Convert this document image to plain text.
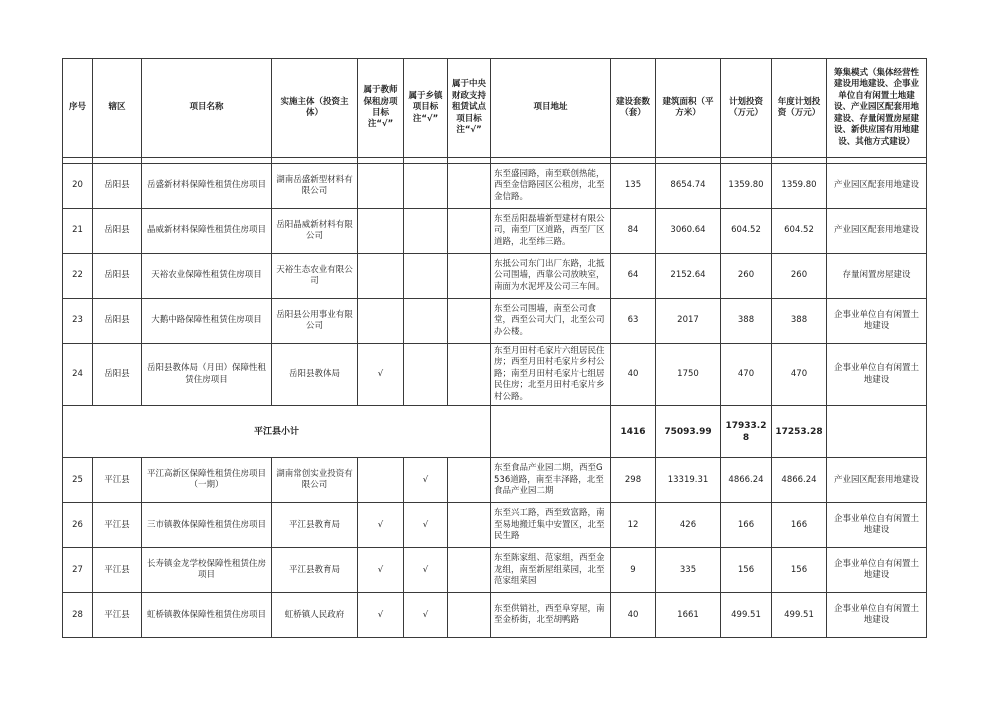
序号	辖区	项目名称	实施主体（投资主体）	属于教师保租房项目标注“√”	属于乡镇项目标注“√”	属于中央财政支持租赁试点项目标注“√”	项目地址	建设套数（套）	建筑面积（平方米）	计划投资（万元）	年度计划投资（万元）	筹集模式（集体经营性建设用地建设、企事业单位自有闲置土地建设、产业园区配套用地建设、存量闲置房屋建设、新供应国有用地建设、其他方式建设）

20	岳阳县	岳盛新材料保障性租赁住房项目	湖南岳盛新型材料有限公司				东至盛园路，南至联创热能，西至金信路园区公租房，北至金信路。	135	8654.74	1359.80	1359.80	产业园区配套用地建设
21	岳阳县	晶威新材料保障性租赁住房项目	岳阳晶威新材料有限公司				东至岳阳磊墙新型建材有限公司，南至厂区道路，西至厂区道路，北至纬三路。	84	3060.64	604.52	604.52	产业园区配套用地建设
22	岳阳县	天裕农业保障性租赁住房项目	天裕生态农业有限公司				东抵公司东门出厂东路，北抵公司围墙，西靠公司放映室，南面为水泥坪及公司三车间。	64	2152.64	260	260	存量闲置房屋建设
23	岳阳县	大鹅中路保障性租赁住房项目	岳阳县公用事业有限公司				东至公司围墙，南至公司食堂，西至公司大门，北至公司办公楼。	63	2017	388	388	企事业单位自有闲置土地建设
24	岳阳县	岳阳县教体局（月田）保障性租赁住房项目	岳阳县教体局	√			东至月田村毛家片六组居民住房；西至月田村毛家片乡村公路；南至月田村毛家片七组居民住房；北至月田村毛家片乡村公路。	40	1750	470	470	企事业单位自有闲置土地建设
平江县小计								1416	75093.99	17933.28	17253.28	
25	平江县	平江高新区保障性租赁住房项目（一期）	湖南常创实业投资有限公司		√		东至食品产业园二期，西至G536道路，南至丰泽路，北至食品产业园二期	298	13319.31	4866.24	4866.24	产业园区配套用地建设
26	平江县	三市镇教体保障性租赁住房项目	平江县教育局	√	√		东至兴工路，西至致富路，南至易地搬迁集中安置区，北至民生路	12	426	166	166	企事业单位自有闲置土地建设
27	平江县	长寿镇金龙学校保障性租赁住房项目	平江县教育局	√	√		东至陈家组、范家组，西至金龙组，南至新屋组菜园，北至范家组菜园	9	335	156	156	企事业单位自有闲置土地建设
28	平江县	虹桥镇教体保障性租赁住房项目	虹桥镇人民政府	√	√		东至供销社，西至阜穿屋，南至金桥街，北至胡鸭路	40	1661	499.51	499.51	企事业单位自有闲置土地建设
